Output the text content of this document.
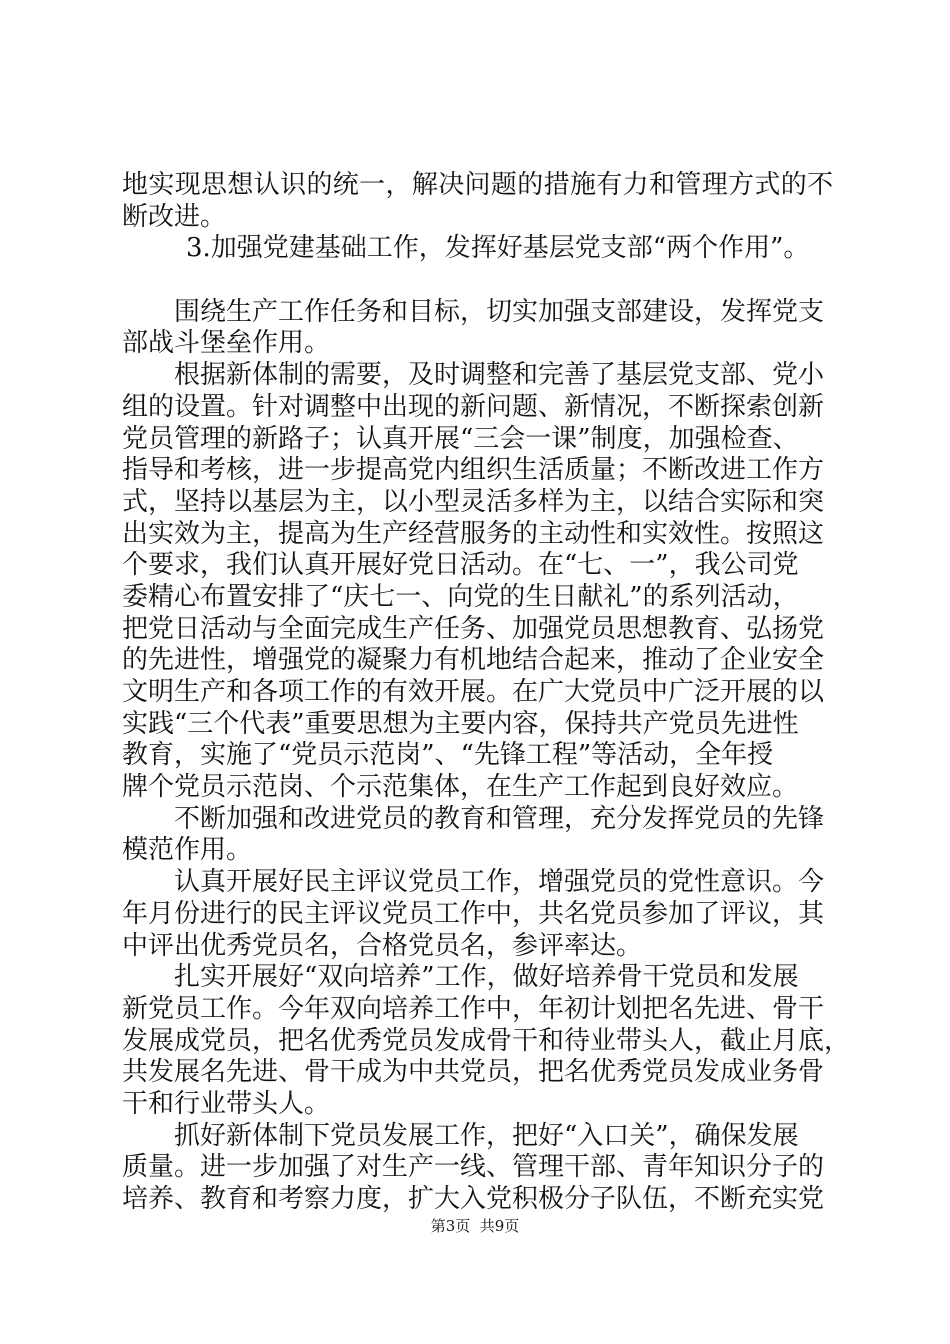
地实现思想认识的统一，解决问题的措施有力和管理方式的不
断改进。
3.加强党建基础工作，发挥好基层党支部“两个作用”。
围绕生产工作任务和目标，切实加强支部建设，发挥党支
部战斗堡垒作用。
根据新体制的需要，及时调整和完善了基层党支部、党小
组的设置。针对调整中出现的新问题、新情况，不断探索创新
党员管理的新路子；认真开展“三会一课”制度，加强检查、
指导和考核，进一步提高党内组织生活质量；不断改进工作方
式，坚持以基层为主，以小型灵活多样为主，以结合实际和突
出实效为主，提高为生产经营服务的主动性和实效性。按照这
个要求，我们认真开展好党日活动。在“七、一”，我公司党
委精心布置安排了“庆七一、向党的生日献礼”的系列活动，
把党日活动与全面完成生产任务、加强党员思想教育、弘扬党
的先进性，增强党的凝聚力有机地结合起来，推动了企业安全
文明生产和各项工作的有效开展。在广大党员中广泛开展的以
实践“三个代表”重要思想为主要内容，保持共产党员先进性
教育，实施了“党员示范岗”、“先锋工程”等活动，全年授
牌个党员示范岗、个示范集体，在生产工作起到良好效应。
不断加强和改进党员的教育和管理，充分发挥党员的先锋
模范作用。
认真开展好民主评议党员工作，增强党员的党性意识。今
年月份进行的民主评议党员工作中，共名党员参加了评议，其
中评出优秀党员名，合格党员名，参评率达。
扎实开展好“双向培养”工作，做好培养骨干党员和发展
新党员工作。今年双向培养工作中，年初计划把名先进、骨干
发展成党员，把名优秀党员发成骨干和待业带头人，截止月底，
共发展名先进、骨干成为中共党员，把名优秀党员发成业务骨
干和行业带头人。
抓好新体制下党员发展工作，把好“入口关”，确保发展
质量。进一步加强了对生产一线、管理干部、青年知识分子的
培养、教育和考察力度，扩大入党积极分子队伍，不断充实党
第3页  共9页
